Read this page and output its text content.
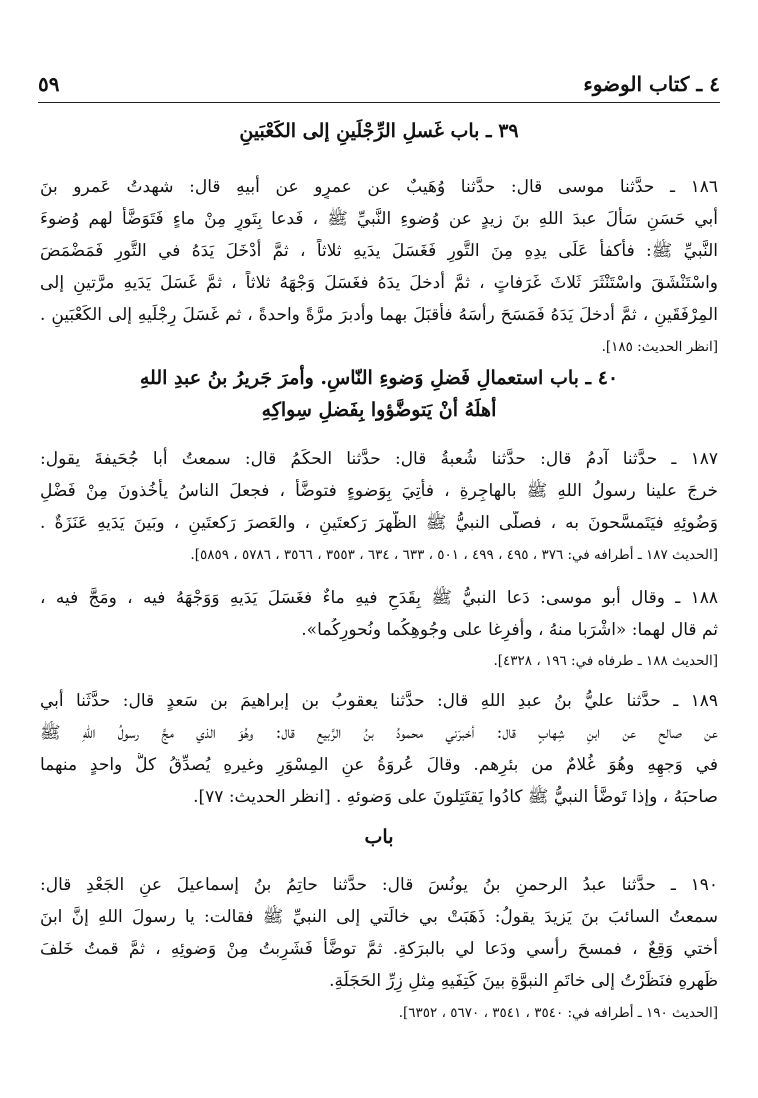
٤ ـ كتاب الوضوء
٥٩
٣٩ ـ باب غَسلِ الرِّجْلَينِ إلى الكَعْبَينِ
١٨٦ ـ حدَّثنا موسى قال: حدَّثنا وُهَيبٌ عن عمرٍو عن أبيهِ قال: شهدتُ عَمرو بنَ
أبي حَسَنٍ سَأَلَ عبدَ اللهِ بنَ زيدٍ عن وُضوءِ النَّبيِّ ﷺ ، فَدعا بِتَورٍ مِنْ ماءٍ فَتَوَضَّأَ لهم وُضوءَ
النَّبيِّ ﷺ: فأكفأَ عَلَى يدِهِ مِنَ التَّورِ فَغَسَلَ يدَيهِ ثلاثاً ، ثمَّ أدْخَلَ يَدَهُ في التَّورِ فَمَضْمَضَ
واسْتَنْشَقَ واسْتَنْثَرَ ثَلاثَ غَرَفاتٍ ، ثمَّ أدخلَ يدَهُ فغَسَلَ وَجْهَهُ ثلاثاً ، ثمَّ غَسَلَ يَدَيهِ مرَّتينِ إلى
المِرْفَقَينِ ، ثمَّ أدخلَ يَدَهُ فَمَسَحَ رأسَهُ فأقبَلَ بهما وأدبرَ مرَّةً واحدةً ، ثم غَسَلَ رِجْلَيهِ إلى الكَعْبَينِ .
[انظر الحديث: ١٨٥].
٤٠ ـ باب استعمالِ فَضلِ وَضوءِ النّاسِ. وأمرَ جَريرُ بنُ عبدِ اللهِ
أهلَهُ أنْ يَتوضَّؤوا بِفَضلِ سِواكِهِ
١٨٧ ـ حدَّثنا آدمُ قال: حدَّثنا شُعبةُ قال: حدَّثنا الحكَمُ قال: سمعتُ أبا جُحَيفةَ يقول:
خرجَ علينا رسولُ اللهِ ﷺ بالهاجِرةِ ، فأُتِيَ بِوَضوءٍ فتوضَّأَ ، فجعلَ الناسُ يأخُذونَ مِنْ فَضْلِ
وَضُوئِهِ فيَتَمسَّحونَ به ، فصلَّى النبيُّ ﷺ الظُّهرَ رَكعتَينِ ، والعَصرَ رَكعتَينِ ، وبَينَ يَدَيهِ عَنَزَةٌ .
[الحديث ١٨٧ ـ أطرافه في: ٣٧٦ ، ٤٩٥ ، ٤٩٩ ، ٥٠١ ، ٦٣٣ ، ٦٣٤ ، ٣٥٥٣ ، ٣٥٦٦ ، ٥٧٨٦ ، ٥٨٥٩].
١٨٨ ـ وقال أبو موسى: دَعا النبيُّ ﷺ بِقَدَحٍ فيهِ ماءٌ فغَسَلَ يَدَيهِ وَوَجْهَهُ فيه ، ومَجَّ فيه ،
ثم قال لهما: «اشْرَبا منهُ ، وأفرِغا على وجُوهِكُما ونُحورِكُما».
[الحديث ١٨٨ ـ طرفاه في: ١٩٦ ، ٤٣٢٨].
١٨٩ ـ حدَّثنا عليُّ بنُ عبدِ اللهِ قال: حدَّثنا يعقوبُ بن إبراهيمَ بن سَعدٍ قال: حدَّثَنا أبي
عن صالحٍ عن ابنِ شِهابٍ قال: أخبرَني محمودُ بنُ الرَّبيعِ قال: وهُوَ الذي مجَّ رسولُ اللهِ ﷺ
في وَجهِهِ وهُوَ غُلامٌ من بئرِهم. وقالَ عُروَةُ عنِ المِسْوَرِ وغيرهِ يُصدِّقُ كلُّ واحدٍ منهما
صاحبَهُ ، وإذا تَوضَّأَ النبيُّ ﷺ كادُوا يَقتَتِلونَ على وَضوئهِ . [انظر الحديث: ٧٧].
باب
١٩٠ ـ حدَّثنا عبدُ الرحمنِ بنُ يونُسَ قال: حدَّثنا حاتِمُ بنُ إسماعيلَ عنِ الجَعْدِ قال:
سمعتُ السائبَ بنَ يَزيدَ يقولُ: ذَهَبَتْ بي خالَتي إلى النبيِّ ﷺ فقالت: يا رسولَ اللهِ إنَّ ابنَ
أُختي وَقِعٌ ، فمسحَ رأسي ودَعا لي بالبرَكةِ. ثمَّ توضَّأَ فَشَرِبتُ مِنْ وَضوئِهِ ، ثمَّ قمتُ خَلفَ
ظَهرهِ فنَظَرْتُ إلى خاتَمِ النبوَّةِ بينَ كَتِفَيهِ مِثلِ زِرِّ الحَجَلَةِ.
[الحديث ١٩٠ ـ أطرافه في: ٣٥٤٠ ، ٣٥٤١ ، ٥٦٧٠ ، ٦٣٥٢].
